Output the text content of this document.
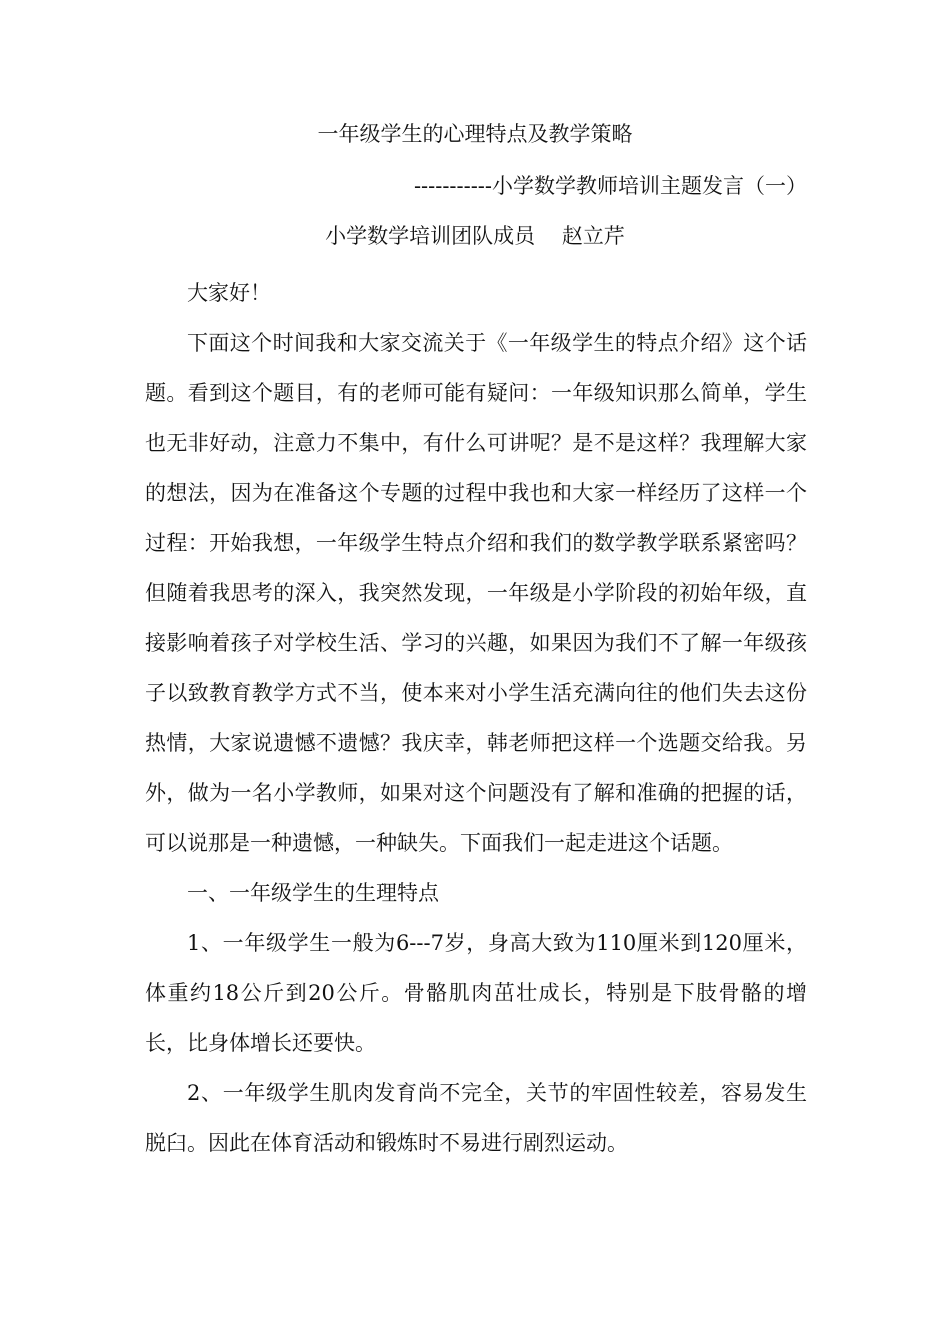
一年级学生的心理特点及教学策略
-----------小学数学教师培训主题发言（一）
小学数学培训团队成员    赵立芹

大家好！

下面这个时间我和大家交流关于《一年级学生的特点介绍》这个话题。看到这个题目，有的老师可能有疑问：一年级知识那么简单，学生也无非好动，注意力不集中，有什么可讲呢？是不是这样？我理解大家的想法，因为在准备这个专题的过程中我也和大家一样经历了这样一个过程：开始我想，一年级学生特点介绍和我们的数学教学联系紧密吗？但随着我思考的深入，我突然发现，一年级是小学阶段的初始年级，直接影响着孩子对学校生活、学习的兴趣，如果因为我们不了解一年级孩子以致教育教学方式不当，使本来对小学生活充满向往的他们失去这份热情，大家说遗憾不遗憾？我庆幸，韩老师把这样一个选题交给我。另外，做为一名小学教师，如果对这个问题没有了解和准确的把握的话，可以说那是一种遗憾，一种缺失。下面我们一起走进这个话题。

一、一年级学生的生理特点

1、一年级学生一般为6---7岁，身高大致为110厘米到120厘米，体重约18公斤到20公斤。骨骼肌肉茁壮成长，特别是下肢骨骼的增长，比身体增长还要快。

2、一年级学生肌肉发育尚不完全，关节的牢固性较差，容易发生脱臼。因此在体育活动和锻炼时不易进行剧烈运动。
